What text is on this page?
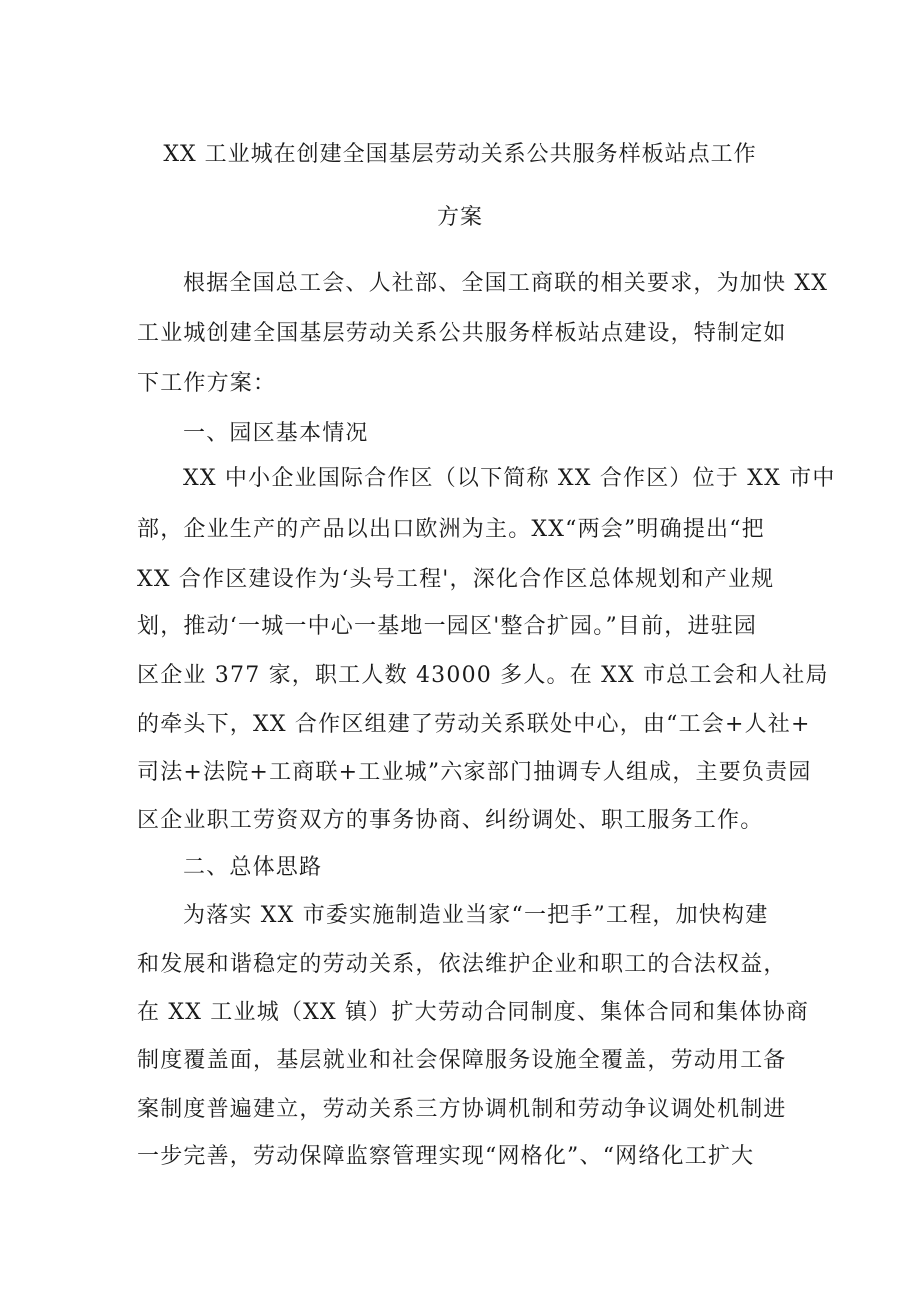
XX 工业城在创建全国基层劳动关系公共服务样板站点工作
方案
根据全国总工会、人社部、全国工商联的相关要求，为加快 XX
工业城创建全国基层劳动关系公共服务样板站点建设，特制定如
下工作方案：
一、园区基本情况
XX 中小企业国际合作区（以下简称 XX 合作区）位于 XX 市中
部，企业生产的产品以出口欧洲为主。XX“两会”明确提出“把
XX 合作区建设作为‘头号工程'，深化合作区总体规划和产业规
划，推动‘一城一中心一基地一园区'整合扩园。”目前，进驻园
区企业 377 家，职工人数 43000 多人。在 XX 市总工会和人社局
的牵头下，XX 合作区组建了劳动关系联处中心，由“工会+人社+
司法+法院+工商联+工业城”六家部门抽调专人组成，主要负责园
区企业职工劳资双方的事务协商、纠纷调处、职工服务工作。
二、总体思路
为落实 XX 市委实施制造业当家“一把手”工程，加快构建
和发展和谐稳定的劳动关系，依法维护企业和职工的合法权益，
在 XX 工业城（XX 镇）扩大劳动合同制度、集体合同和集体协商
制度覆盖面，基层就业和社会保障服务设施全覆盖，劳动用工备
案制度普遍建立，劳动关系三方协调机制和劳动争议调处机制进
一步完善，劳动保障监察管理实现“网格化”、“网络化工扩大
